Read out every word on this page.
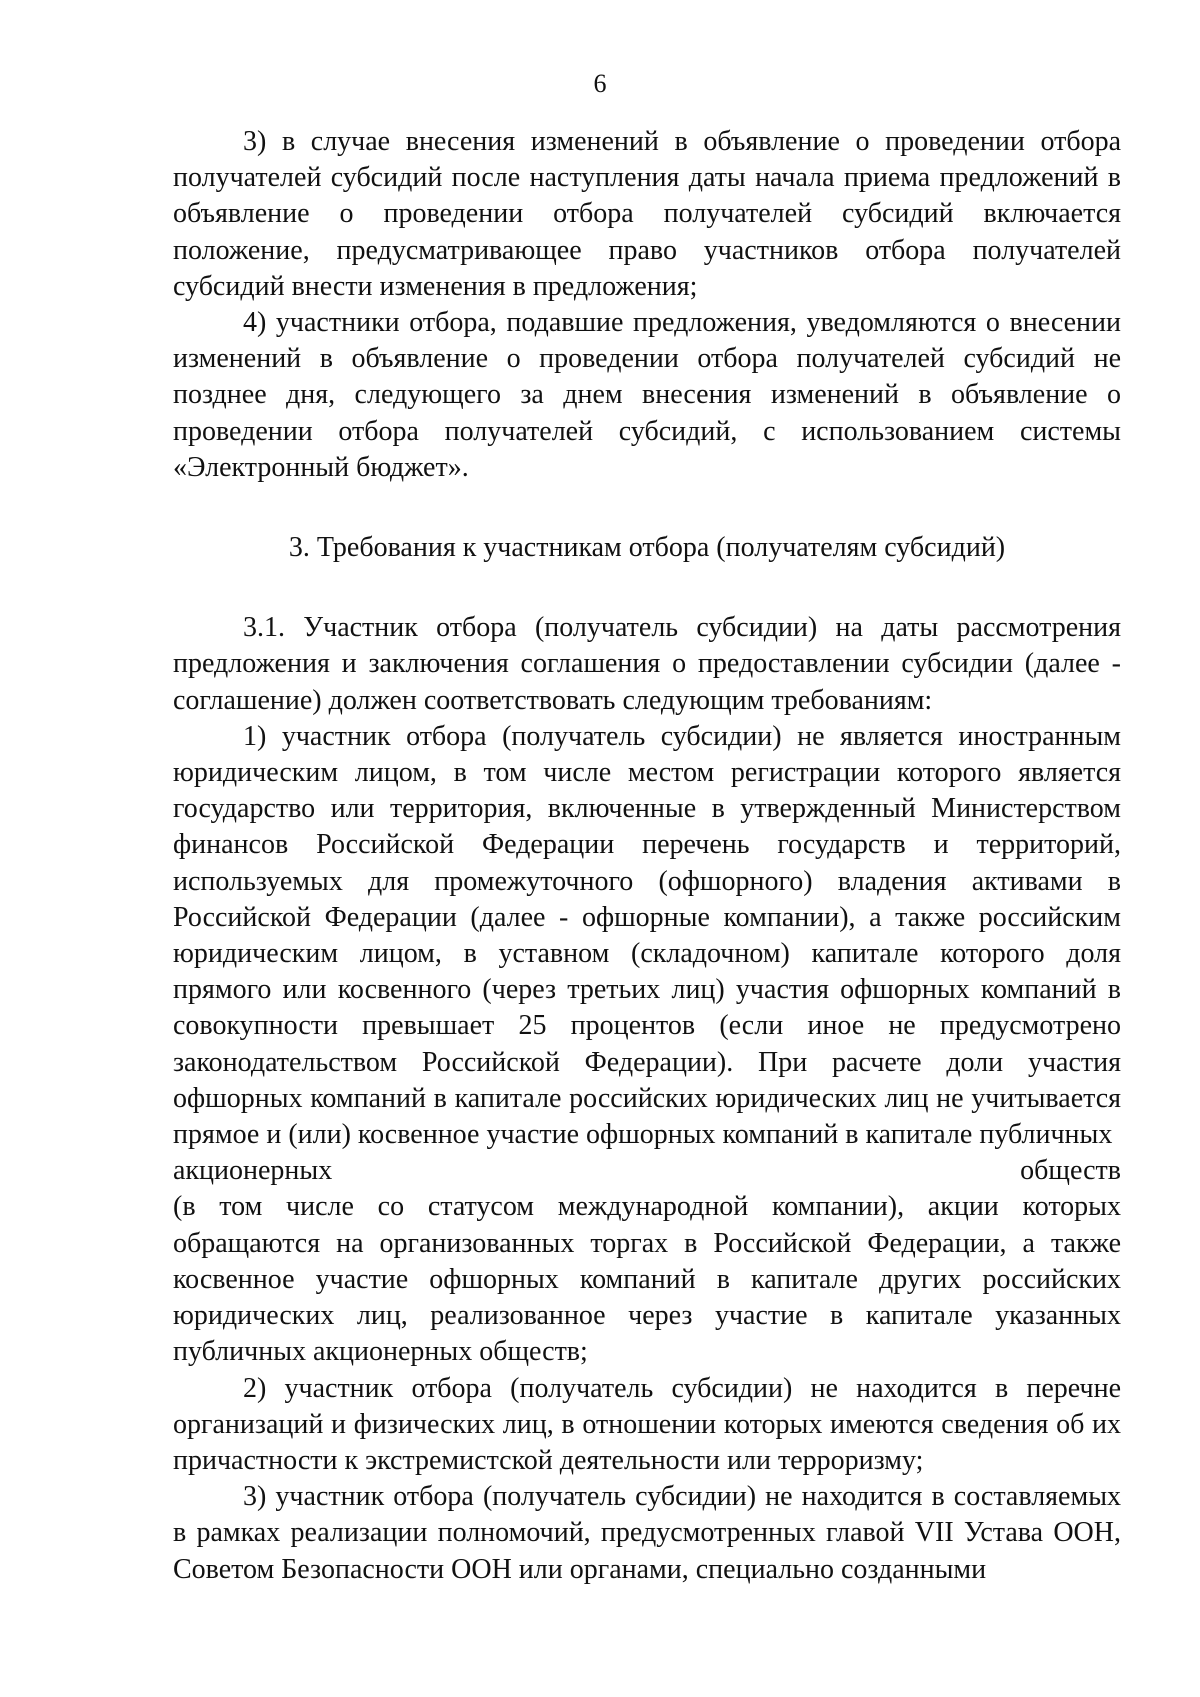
6

3) в случае внесения изменений в объявление о проведении отбора получателей субсидий после наступления даты начала приема предложений в объявление о проведении отбора получателей субсидий включается положение, предусматривающее право участников отбора получателей субсидий внести изменения в предложения;

4) участники отбора, подавшие предложения, уведомляются о внесении изменений в объявление о проведении отбора получателей субсидий не позднее дня, следующего за днем внесения изменений в объявление о проведении отбора получателей субсидий, с использованием системы «Электронный бюджет».

3. Требования к участникам отбора (получателям субсидий)

3.1. Участник отбора (получатель субсидии) на даты рассмотрения предложения и заключения соглашения о предоставлении субсидии (далее - соглашение) должен соответствовать следующим требованиям:

1) участник отбора (получатель субсидии) не является иностранным юридическим лицом, в том числе местом регистрации которого является государство или территория, включенные в утвержденный Министерством финансов Российской Федерации перечень государств и территорий, используемых для промежуточного (офшорного) владения активами в Российской Федерации (далее - офшорные компании), а также российским юридическим лицом, в уставном (складочном) капитале которого доля прямого или косвенного (через третьих лиц) участия офшорных компаний в совокупности превышает 25 процентов (если иное не предусмотрено законодательством Российской Федерации). При расчете доли участия офшорных компаний в капитале российских юридических лиц не учитывается прямое и (или) косвенное участие офшорных компаний в капитале публичных

акционерных	обществ

(в том числе со статусом международной компании), акции которых обращаются на организованных торгах в Российской Федерации, а также косвенное участие офшорных компаний в капитале других российских юридических лиц, реализованное через участие в капитале указанных публичных акционерных обществ;

2) участник отбора (получатель субсидии) не находится в перечне организаций и физических лиц, в отношении которых имеются сведения об их причастности к экстремистской деятельности или терроризму;

3) участник отбора (получатель субсидии) не находится в составляемых в рамках реализации полномочий, предусмотренных главой VII Устава ООН, Советом Безопасности ООН или органами, специально созданными
